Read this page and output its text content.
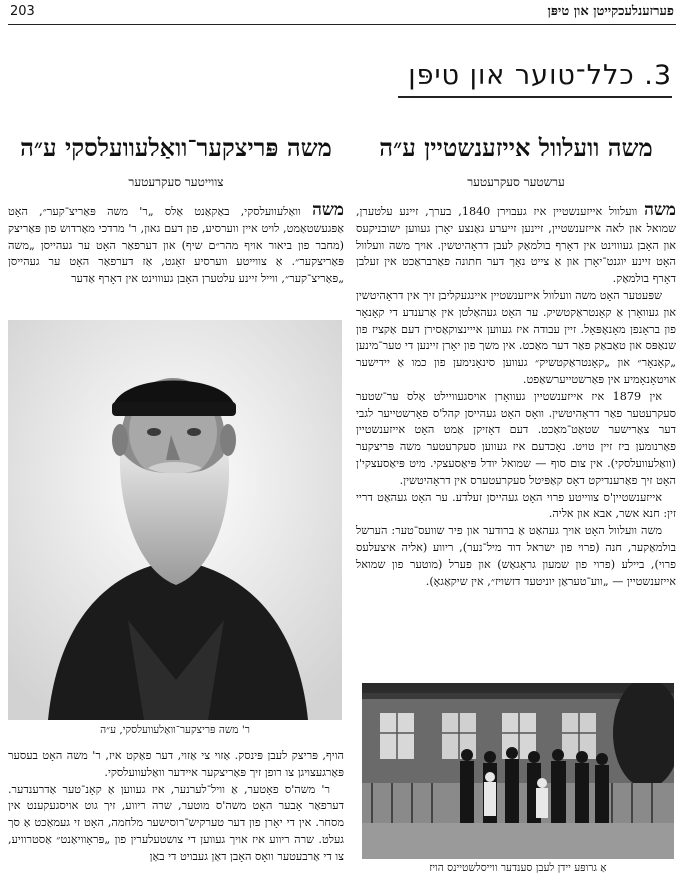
203	פערזענלעכקייטן און טיפּן
3. כלל־טוער און טיפּן
משה וועלוול אייזענשטיין ע״ה
ערשטער סעקרעטער

משה וועלוול אייזענשטיין איז געבוירן 1840, בערך, זיינע עלטערן, שמואל און לאה אייזענשטיין, זיינען זייערע גאַנצע יאָרן געווען ישובניקעס און האָבן געוווינט אין דאָרף בולמאַק לעבן דראָהיטשין. אויך משה וועלוול האָט זיינע יוגנט־יאָרן און אַ צייט נאָך דער חתונה פאַרבראַכט אין זעלבן דאָרף בולמאַק.

שפּעטער האָט משה וועלוול אייזענשטיין איינגעקליבן זיך אין דראָהיטשין און געוואָרן אַ קאָנטראַקטשיק. ער האָט געהאַלטן אין אַרענדע די קאָנאָר פון בראָנפן מאָנאָפּאָל. זיין עבודה איז געווען אייינצוקאַסירן דעם אַקציז פון שנאַפּס און טאַבאַק פאַר דער מאַכט. אין משך פון יאָרן זיינען די טער־מינען „קאָנאָר״ און „קאָנטראַקטשיק״ געווען סינאָנימען פון כמו אַ יידישער אויטאָנאָמיע אין פּאַרשטייערשאַפט.

אין 1879 איז אייזענשטיין געוואָרן אויסגעוויילט אַלס ער־שטער סעקרעטער פאַר דראָהיטשין. וואָס האָט געהייסן קהל'ס פאָרשטייער לגבי דער צאַרישער שטאַט־מאַכט. דעם דאָזיקן אַמט האָט אייזענשטיין פאַרנומען ביז זיין טויט. נאָכדעם איז געווען סעקרעטער משה פּריצקער (וואַלעוועלסקי). אין צום סוף — שמואל יודל פּיאַסעצקי. מיט פּיאַסעצקי'ן האָט זיך פאַרענדיקט דאָס קאַפּיטל סעקרעטערס אין דראָהיטשין.

אייזענשטיין'ס צווייטע פרוי האָט געהייסן זעלדע. ער האָט געהאַט דריי זין: חנא אשר, אבא און אליה.

משה וועלוול האָט אויך געהאַט אַ ברודער און פיר שוועס־טער: הערשל בולמאַקער, חנה (פרוי פון ישראל דוד מיל־נער), ריווע (אליה איצעלעס פרוי), ביילע (פרוי פון שמעון גראָגאַש) און פערל (מוטער פון שמואל אייזענשטיין — „ווע־טעראַן יוניטעד דזשויז״, אין שיקאַגאָ).

אַ גרופּע יידן לעבן סענדער ווייסלשטיינס הויז
משה פּריצקער־וואַלעוועלסקי ע״ה
צווייטער סעקרעטער

משה וואַלעוועלסקי, באַקאַנט אַלס „ר' משה פּאַריצ־קער״, האָט אַפּגעשטאַמט, לויט איין ווערסיע, פון דעם גאון, ר' מרדכי מאַרדוש פון פּאַריצק (מחבר פון ביאור אויף מהר״ם שיף) און דערפאַר האָט ער געהייסן „משה פּאַריצקער״. אַ צווייטע ווערסיע זאָגט, אַז דערפאַר האָט ער געהייסן „פּאַריצ־קער״, ווייל זיינע עלטערן האָבן געוווינט אין דאָרף אַדער

ר' משה פּריצקער־וואַלעוועלסקי, ע״ה

הויף, פּריצק לעבן פּינסק. אַזוי צי אַזוי, דער פאַקט איז, ר' משה האָט בעסער פּאַרגעצויגן צו רופן זיך פּאַריצקער איידער וואַלעוועלסקי.

ר' משה'ס פאָטער, אַ וויל־לערנער, איז געווען אַ קאָנ־טער אַדרענדער. דערפאַר אָבער האָט משה'ס מוטער, שרה ריווע, זיך גוט אויסגעקענט אין מסחר. אין די יאָרן פון דער טערקיש־רוסישער מלחמה, האָט זי געמאַכט אַ סך געלט. שרה ריווע איז אויך געווען די צושטעלערין פון „פּראָוויאַנט״ אַסטרוויע, צו די אַרבעטער וואָס האָבן דאַן געבויט די באַן
